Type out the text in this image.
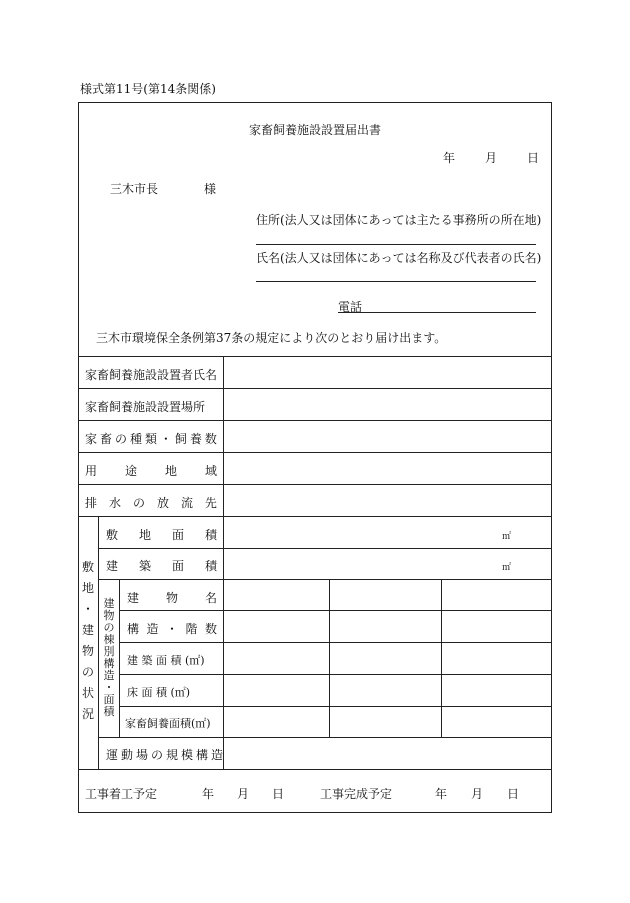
様式第11号(第14条関係)
家畜飼養施設設置届出書
年	月	日
三木市長	様
住所(法人又は団体にあっては主たる事務所の所在地)
氏名(法人又は団体にあっては名称及び代表者の氏名)
電話
三木市環境保全条例第37条の規定により次のとおり届け出ます。
家畜飼養施設設置者氏名
家畜飼養施設設置場所
家 畜 の 種 類 ・ 飼 養 数
用 途 地 域
排 水 の 放 流 先
敷
地
・
建
物
の
状
況
敷 地 面 積	㎡
建 築 面 積	㎡
建
物
の
棟
別
構
造
・
面
積
建 物 名
構 造 ・ 階 数
建 築 面 積 (㎡)
床 面 積 (㎡)
家畜飼養面積(㎡)
運動場の規模構造
工事着工予定	年 月 日	工事完成予定	年 月 日
